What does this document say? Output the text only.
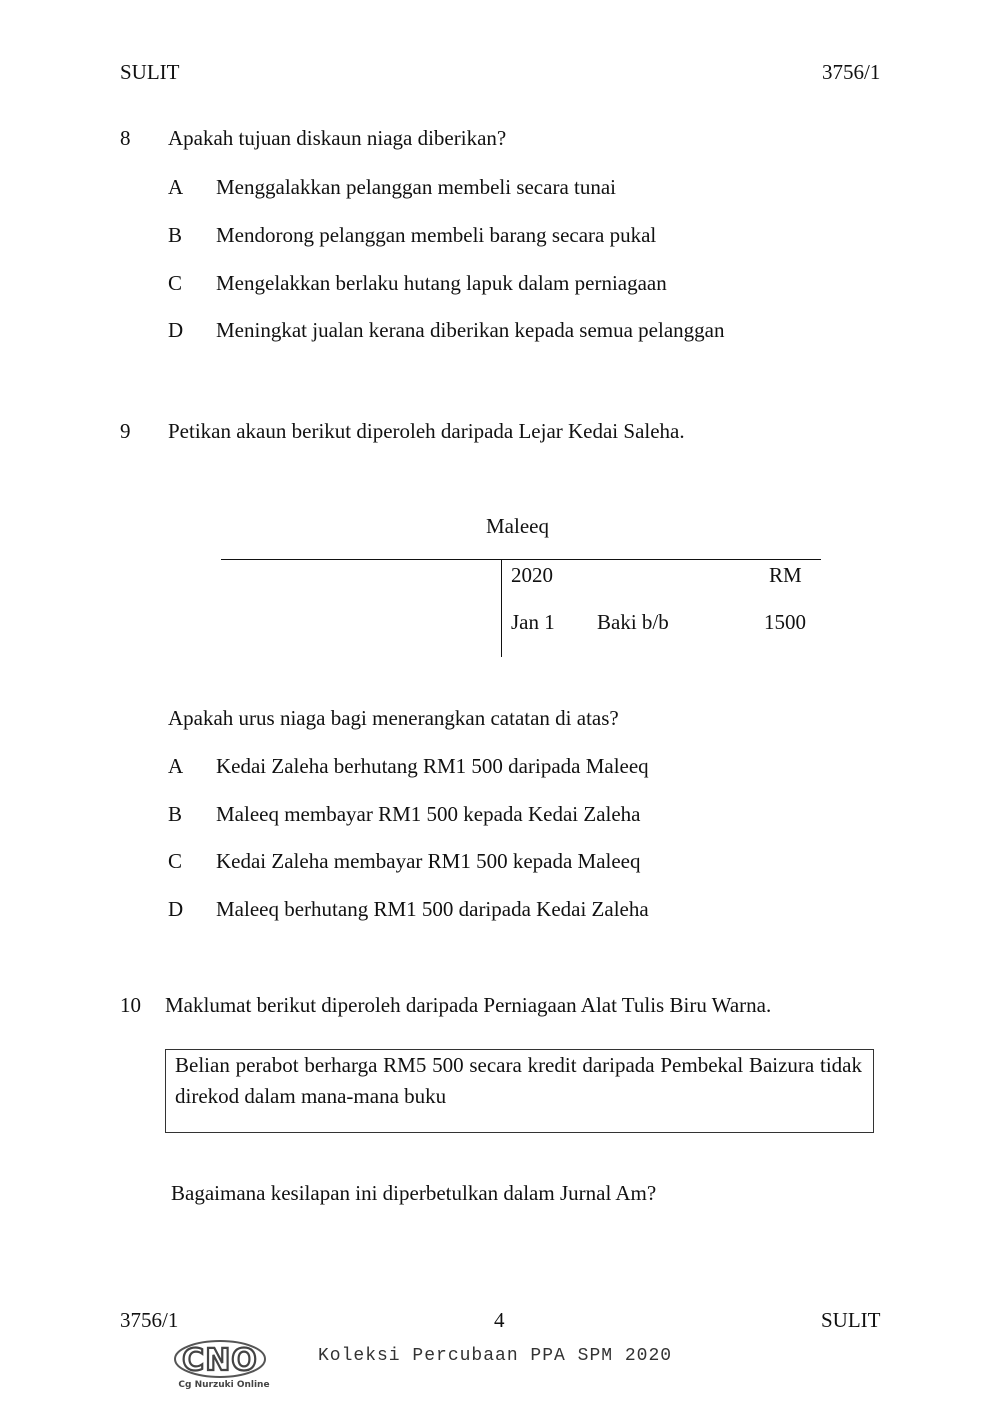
SULIT	3756/1
8 Apakah tujuan diskaun niaga diberikan?
A Menggalakkan pelanggan membeli secara tunai
B Mendorong pelanggan membeli barang secara pukal
C Mengelakkan berlaku hutang lapuk dalam perniagaan
D Meningkat jualan kerana diberikan kepada semua pelanggan
9 Petikan akaun berikut diperoleh daripada Lejar Kedai Saleha.
Maleeq
2020	RM
Jan 1 Baki b/b	1500
Apakah urus niaga bagi menerangkan catatan di atas?
A Kedai Zaleha berhutang RM1 500 daripada Maleeq
B Maleeq membayar RM1 500 kepada Kedai Zaleha
C Kedai Zaleha membayar RM1 500 kepada Maleeq
D Maleeq berhutang RM1 500 daripada Kedai Zaleha
10 Maklumat berikut diperoleh daripada Perniagaan Alat Tulis Biru Warna.
Belian perabot berharga RM5 500 secara kredit daripada Pembekal Baizura tidak direkod dalam mana-mana buku
Bagaimana kesilapan ini diperbetulkan dalam Jurnal Am?
3756/1	4	SULIT
CNO
Cg Nurzuki Online
Koleksi Percubaan PPA SPM 2020
